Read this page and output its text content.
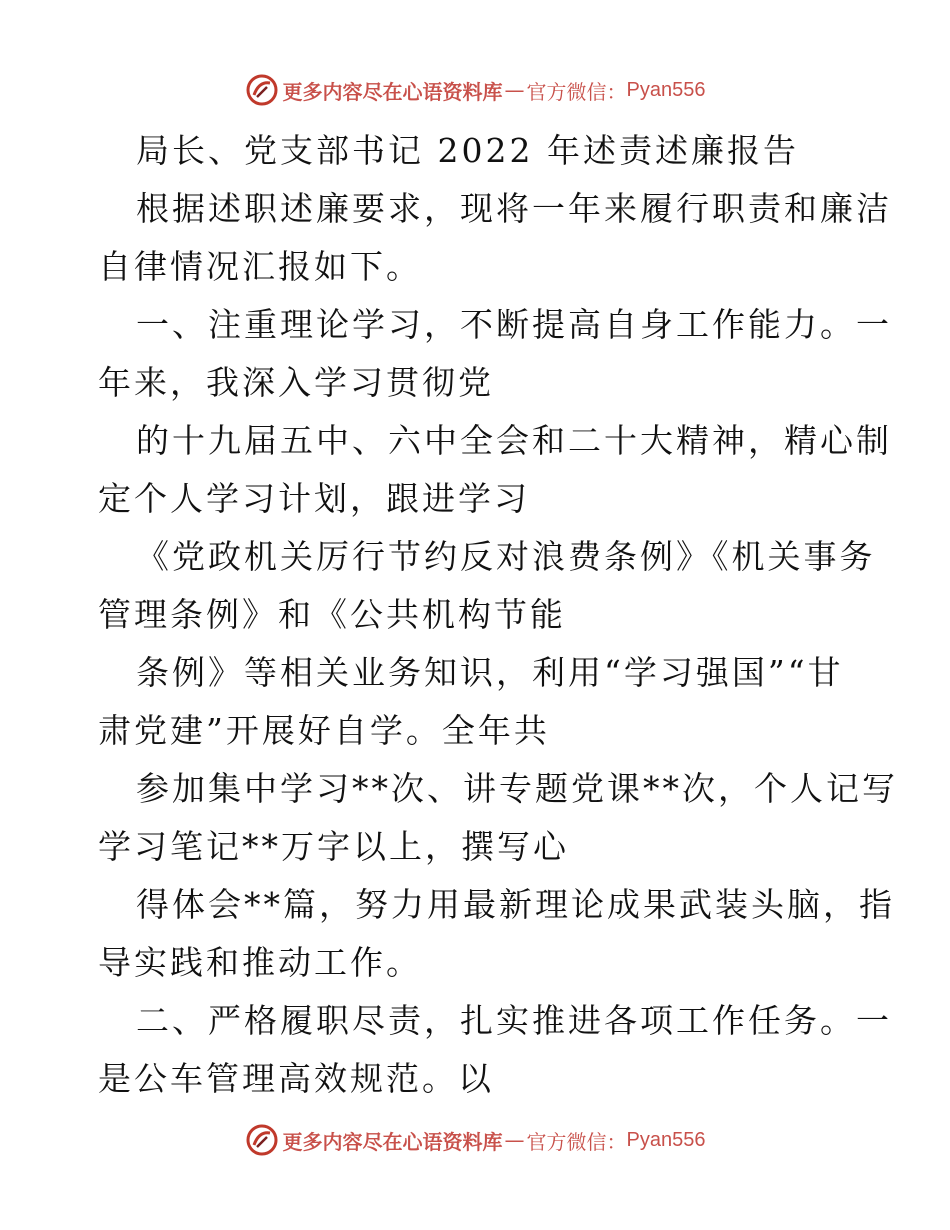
更多内容尽在心语资料库 — 官方微信： Pyan556
局长、党支部书记 2022 年述责述廉报告
根据述职述廉要求，现将一年来履行职责和廉洁
自律情况汇报如下。
一、注重理论学习，不断提高自身工作能力。一
年来，我深入学习贯彻党
的十九届五中、六中全会和二十大精神，精心制
定个人学习计划，跟进学习
《党政机关厉行节约反对浪费条例》《机关事务
管理条例》和《公共机构节能
条例》等相关业务知识，利用“学习强国”“甘
肃党建”开展好自学。全年共
参加集中学习**次、讲专题党课**次，个人记写
学习笔记**万字以上，撰写心
得体会**篇，努力用最新理论成果武装头脑，指
导实践和推动工作。
二、严格履职尽责，扎实推进各项工作任务。一
是公车管理高效规范。以
更多内容尽在心语资料库 — 官方微信： Pyan556
